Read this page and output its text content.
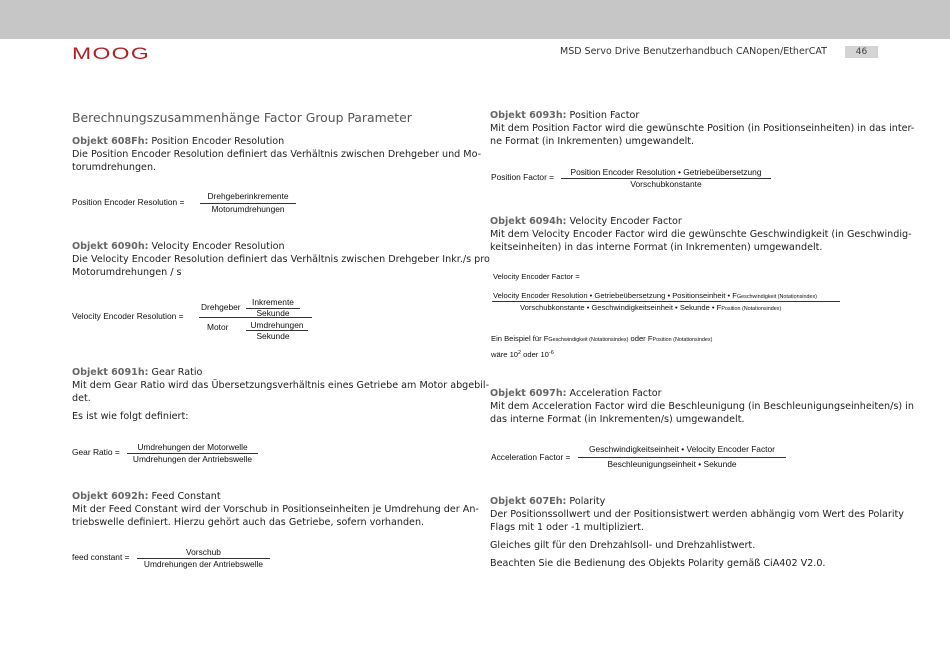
MOOG	MSD Servo Drive Benutzerhandbuch CANopen/EtherCAT	46
Berechnungszusammenhänge Factor Group Parameter
Objekt 608Fh: Position Encoder Resolution
Die Position Encoder Resolution definiert das Verhältnis zwischen Drehgeber und Mo-
torumdrehungen.
Position Encoder Resolution =
Drehgeberinkremente
Motorumdrehungen
Objekt 6090h: Velocity Encoder Resolution
Die Velocity Encoder Resolution definiert das Verhältnis zwischen Drehgeber Inkr./s pro
Motorumdrehungen / s
Velocity Encoder Resolution =
Drehgeber	Inkremente
Sekunde
Motor	Umdrehungen
Sekunde
Objekt 6091h: Gear Ratio
Mit dem Gear Ratio wird das Übersetzungsverhältnis eines Getriebe am Motor abgebil-
det.
Es ist wie folgt definiert:
Gear Ratio =	Umdrehungen der Motorwelle
Umdrehungen der Antriebswelle
Objekt 6092h: Feed Constant
Mit der Feed Constant wird der Vorschub in Positionseinheiten je Umdrehung der An-
triebswelle definiert. Hierzu gehört auch das Getriebe, sofern vorhanden.
feed constant =	Vorschub
Umdrehungen der Antriebswelle
Objekt 6093h: Position Factor
Mit dem Position Factor wird die gewünschte Position (in Positionseinheiten) in das inter-
ne Format (in Inkrementen) umgewandelt.
Position Factor =	Position Encoder Resolution • Getriebeübersetzung
Vorschubkonstante
Objekt 6094h: Velocity Encoder Factor
Mit dem Velocity Encoder Factor wird die gewünschte Geschwindigkeit (in Geschwindig-
keitseinheiten) in das interne Format (in Inkrementen) umgewandelt.
Velocity Encoder Factor =
Velocity Encoder Resolution • Getriebeübersetzung • Positionseinheit • FGeschwindigkeit (Notationsindex)
Vorschubkonstante • Geschwindigkeitseinheit • Sekunde • FPosition (Notationsindex)
Ein Beispiel für FGeschwindigkeit (Notationsindex) oder FPosition (Notationsindex)
wäre $10^2$ oder $10^{-6}$
Objekt 6097h: Acceleration Factor
Mit dem Acceleration Factor wird die Beschleunigung (in Beschleunigungseinheiten/s) in
das interne Format (in Inkrementen/s) umgewandelt.
Acceleration Factor =
Geschwindigkeitseinheit • Velocity Encoder Factor
Beschleunigungseinheit • Sekunde
Objekt 607Eh: Polarity
Der Positionssollwert und der Positionsistwert werden abhängig vom Wert des Polarity
Flags mit 1 oder -1 multipliziert.
Gleiches gilt für den Drehzahlsoll- und Drehzahlistwert.
Beachten Sie die Bedienung des Objekts Polarity gemäß CiA402 V2.0.
